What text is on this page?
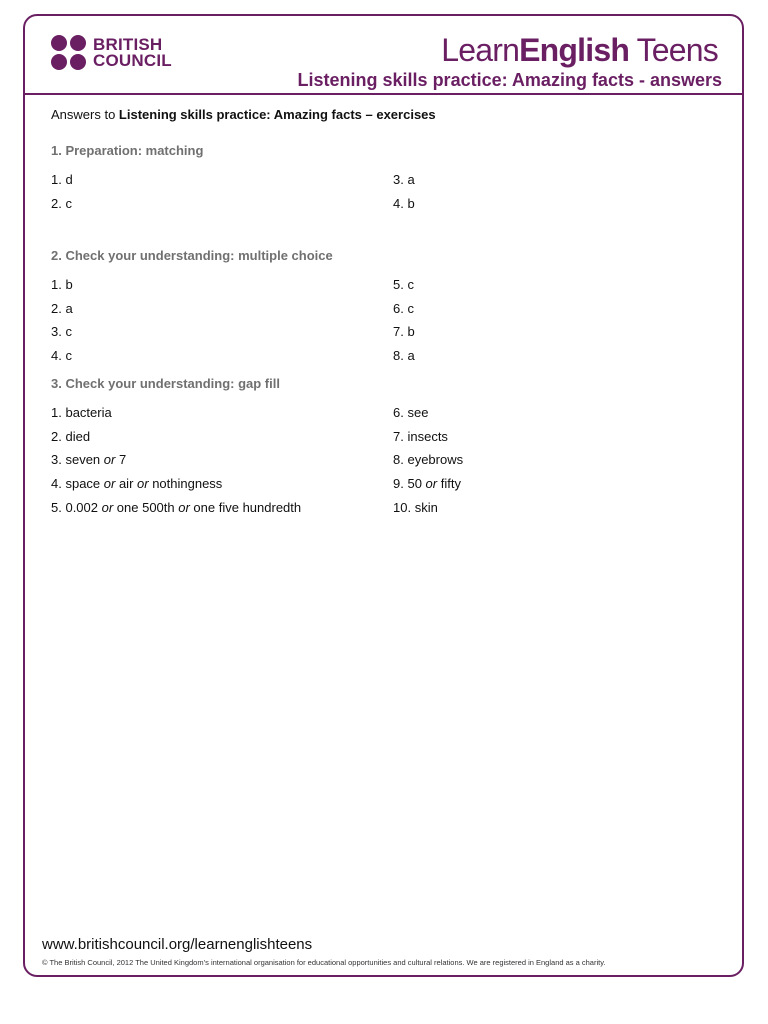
BRITISH
COUNCIL	LearnEnglish Teens
Listening skills practice: Amazing facts - answers
Answers to Listening skills practice: Amazing facts – exercises
1. Preparation: matching
2. Check your understanding: multiple choice
3. Check your understanding: gap fill
1. d
2. c
3. a
4. b
1. b
2. a
3. c
4. c
5. c
6. c
7. b
8. a
1. bacteria
2. died
3. seven or 7
4. space or air or nothingness
5. 0.002 or one 500th or one five hundredth
6. see
7. insects
8. eyebrows
9. 50 or fifty
10. skin
www.britishcouncil.org/learnenglishteens
© The British Council, 2012 The United Kingdom’s international organisation for educational opportunities and cultural relations. We are registered in England as a charity.
